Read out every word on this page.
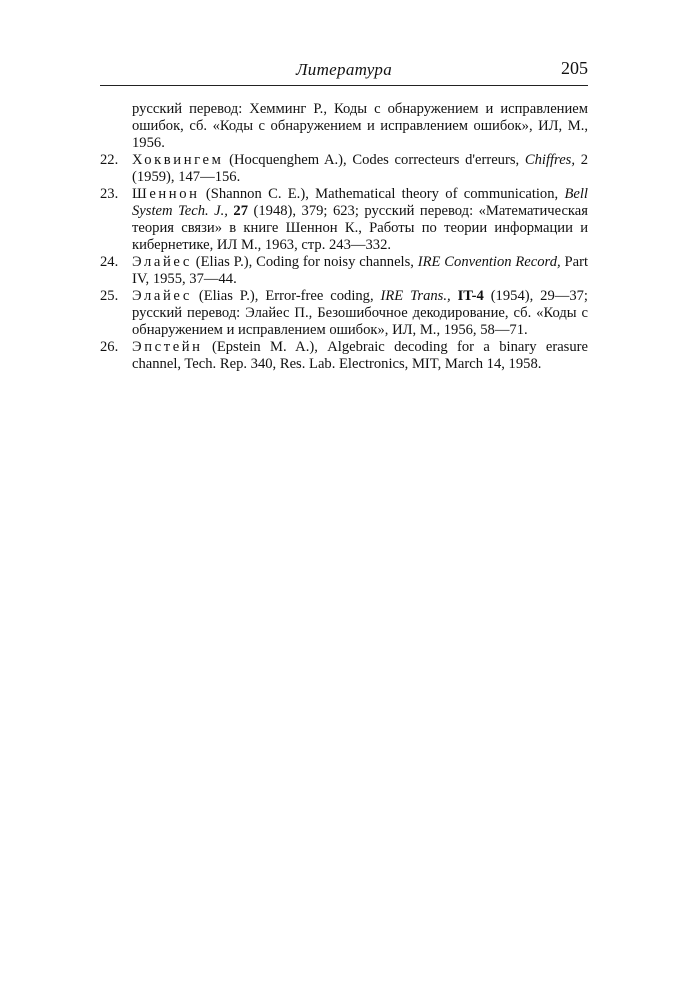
Литература	205
русский перевод: Хемминг Р., Коды с обнаружением и исправлением ошибок, сб. «Коды с обнаружением и исправлением ошибок», ИЛ, М., 1956.
22. Хоквингем (Hocquenghem A.), Codes correcteurs d'erreurs, Chiffres, 2 (1959), 147—156.
23. Шеннон (Shannon C. E.), Mathematical theory of communication, Bell System Tech. J., 27 (1948), 379; 623; русский перевод: «Математическая теория связи» в книге Шеннон К., Работы по теории информации и кибернетике, ИЛ М., 1963, стр. 243—332.
24. Элайес (Elias P.), Coding for noisy channels, IRE Convention Record, Part IV, 1955, 37—44.
25. Элайес (Elias P.), Error-free coding, IRE Trans., IT-4 (1954), 29—37; русский перевод: Элайес П., Безошибочное декодирование, сб. «Коды с обнаружением и исправлением ошибок», ИЛ, М., 1956, 58—71.
26. Эпстейн (Epstein M. A.), Algebraic decoding for a binary erasure channel, Tech. Rep. 340, Res. Lab. Electronics, MIT, March 14, 1958.
